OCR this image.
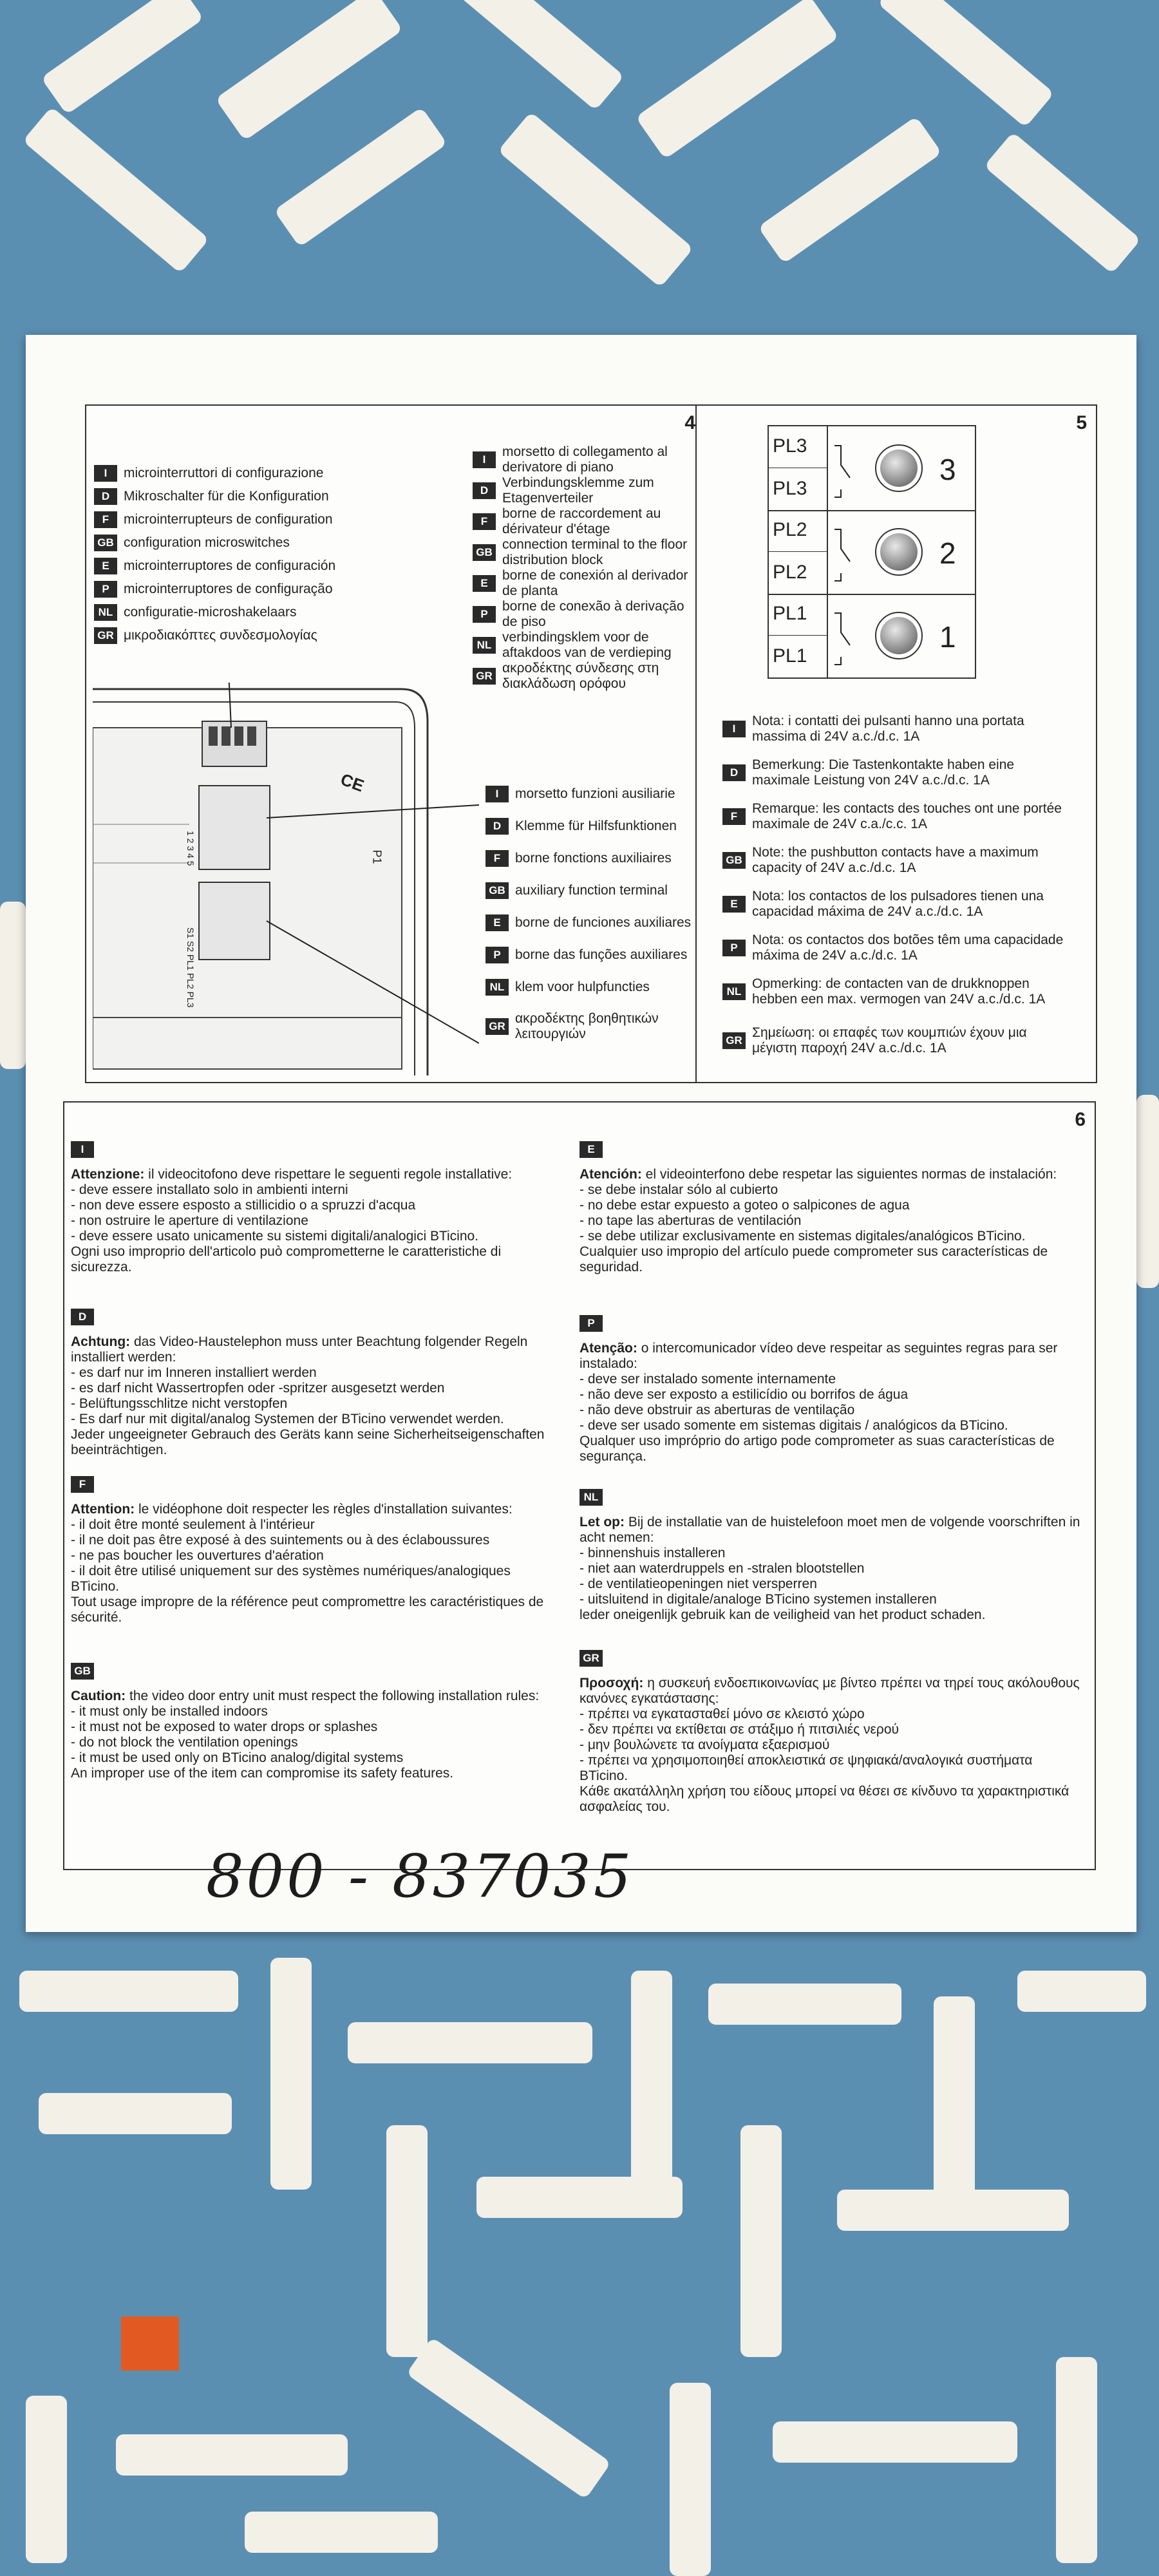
4
I	microinterruttori di configurazione
D	Mikroschalter für die Konfiguration
F	microinterrupteurs de configuration
GB configuration microswitches
E	microinterruptores de configuración
P	microinterruptores de configuração
NL configuratie-microshakelaars
GR μικροδιακόπτες συνδεσμολογίας
I
morsetto di collegamento al derivatore di piano
D
Verbindungsklemme zum Etagenverteiler
F
borne de raccordement au dérivateur d'étage
GB
connection terminal to the floor distribution block
E
borne de conexión al derivador de planta
P
borne de conexão à derivação de piso
NL
verbindingsklem voor de aftakdoos van de verdieping
GR
ακροδέκτης σύνδεσης στη διακλάδωση ορόφου
CE
P1
1 2 3 4 5
S1 S2 PL1 PL2 PL3
I	morsetto funzioni ausiliarie
D	Klemme für Hilfsfunktionen
F	borne fonctions auxiliaires
GB auxiliary function terminal
E	borne de funciones auxiliares
P	borne das funções auxiliares
NL klem voor hulpfuncties
GR
ακροδέκτης βοηθητικών λειτουργιών
5
PL3
PL3
PL2
PL2
PL1
PL1
3
2
1
I
Nota: i contatti dei pulsanti hanno una portata massima di 24V a.c./d.c. 1A
D
Bemerkung: Die Tastenkontakte haben eine maximale Leistung von 24V a.c./d.c. 1A
F
Remarque: les contacts des touches ont une portée maximale de 24V c.a./c.c. 1A
GB
Note: the pushbutton contacts have a maximum capacity of 24V a.c./d.c. 1A
E
Nota: los contactos de los pulsadores tienen una capacidad máxima de 24V a.c./d.c. 1A
P
Nota: os contactos dos botões têm uma capacidade máxima de 24V a.c./d.c. 1A
NL
Opmerking: de contacten van de drukknoppen hebben een max. vermogen van 24V a.c./d.c. 1A
GR
Σημείωση: οι επαφές των κουμπιών έχουν μια μέγιστη παροχή 24V a.c./d.c. 1A
6
I
Attenzione: il videocitofono deve rispettare le seguenti regole installative:
- deve essere installato solo in ambienti interni
- non deve essere esposto a stillicidio o a spruzzi d'acqua
- non ostruire le aperture di ventilazione
- deve essere usato unicamente su sistemi digitali/analogici BTicino.
Ogni uso improprio dell'articolo può comprometterne le caratteristiche di sicurezza.
D
Achtung: das Video-Haustelephon muss unter Beachtung folgender Regeln installiert werden:
- es darf nur im Inneren installiert werden
- es darf nicht Wassertropfen oder -spritzer ausgesetzt werden
- Belüftungsschlitze nicht verstopfen
- Es darf nur mit digital/analog Systemen der BTicino verwendet werden.
Jeder ungeeigneter Gebrauch des Geräts kann seine Sicherheitseigenschaften beeinträchtigen.
F
Attention: le vidéophone doit respecter les règles d'installation suivantes:
- il doit être monté seulement à l'intérieur
- il ne doit pas être exposé à des suintements ou à des éclaboussures
- ne pas boucher les ouvertures d'aération
- il doit être utilisé uniquement sur des systèmes numériques/analogiques BTicino.
Tout usage impropre de la référence peut compromettre les caractéristiques de sécurité.
GB
Caution: the video door entry unit must respect the following installation rules:
- it must only be installed indoors
- it must not be exposed to water drops or splashes
- do not block the ventilation openings
- it must be used only on BTicino analog/digital systems
An improper use of the item can compromise its safety features.
E
Atención: el videointerfono debe respetar las siguientes normas de instalación:
- se debe instalar sólo al cubierto
- no debe estar expuesto a goteo o salpicones de agua
- no tape las aberturas de ventilación
- se debe utilizar exclusivamente en sistemas digitales/analógicos BTicino.
Cualquier uso impropio del artículo puede comprometer sus características de seguridad.
P
Atenção: o intercomunicador vídeo deve respeitar as seguintes regras para ser instalado:
- deve ser instalado somente internamente
- não deve ser exposto a estilicídio ou borrifos de água
- não deve obstruir as aberturas de ventilação
- deve ser usado somente em sistemas digitais / analógicos da BTicino.
Qualquer uso impróprio do artigo pode comprometer as suas características de segurança.
NL
Let op: Bij de installatie van de huistelefoon moet men de volgende voorschriften in acht nemen:
- binnenshuis installeren
- niet aan waterdruppels en -stralen blootstellen
- de ventilatieopeningen niet versperren
- uitsluitend in digitale/analoge BTicino systemen installeren
leder oneigenlijk gebruik kan de veiligheid van het product schaden.
GR
Προσοχή: η συσκευή ενδοεπικοινωνίας με βίντεο πρέπει να τηρεί τους ακόλουθους κανόνες εγκατάστασης:
- πρέπει να εγκατασταθεί μόνο σε κλειστό χώρο
- δεν πρέπει να εκτίθεται σε στάξιμο ή πιτσιλιές νερού
- μην βουλώνετε τα ανοίγματα εξαερισμού
- πρέπει να χρησιμοποιηθεί αποκλειστικά σε ψηφιακά/αναλογικά συστήματα BTicino.
Κάθε ακατάλληλη χρήση του είδους μπορεί να θέσει σε κίνδυνο τα χαρακτηριστικά ασφαλείας του.
800 - 837035
